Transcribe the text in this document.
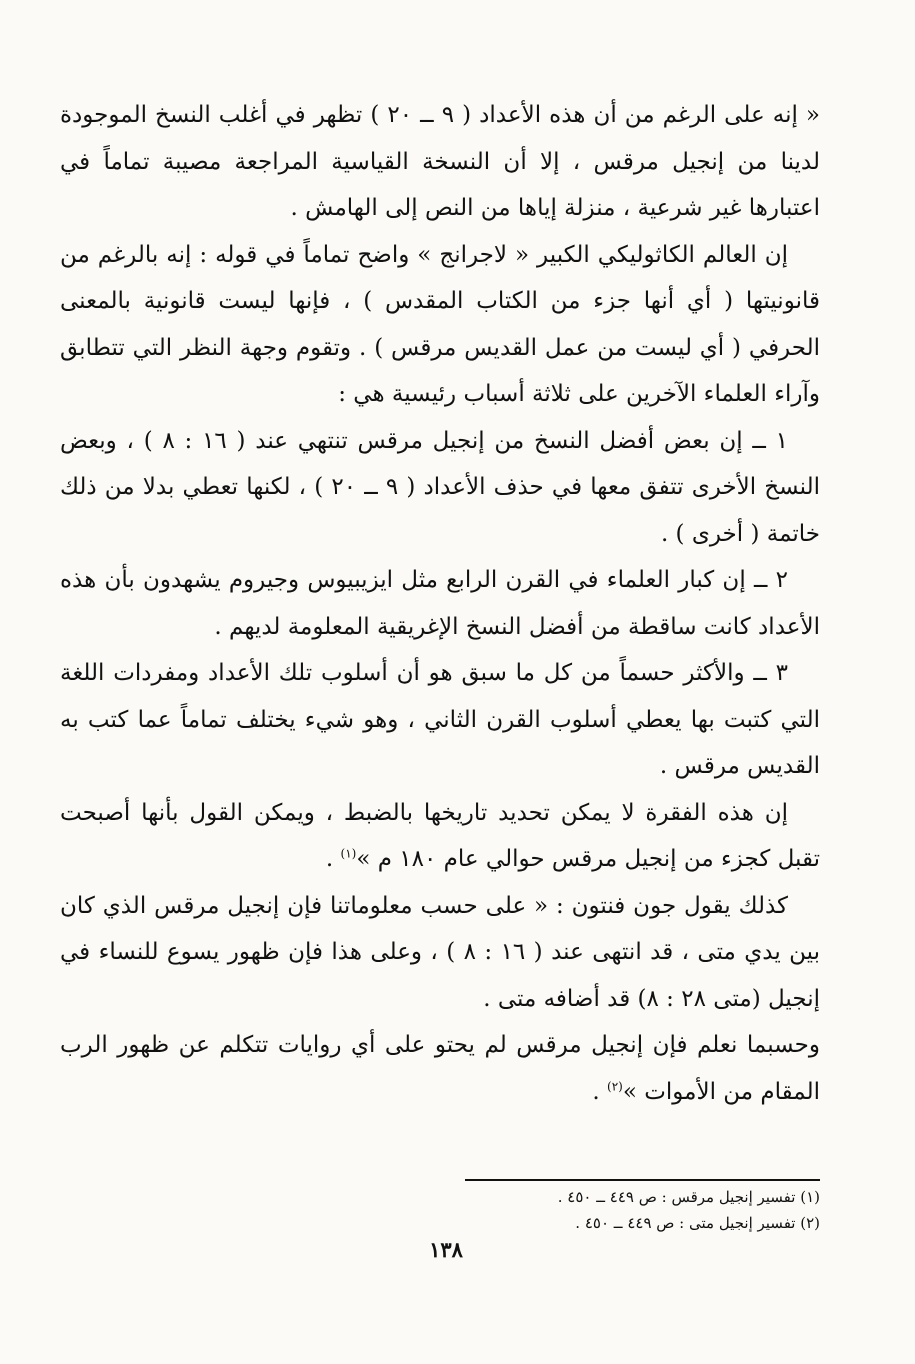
« إنه على الرغم من أن هذه الأعداد ( ٩ ــ ٢٠ ) تظهر في أغلب النسخ الموجودة لدينا من إنجيل مرقس ، إلا أن النسخة القياسية المراجعة مصيبة تماماً في اعتبارها غير شرعية ، منزلة إياها من النص إلى الهامش .

إن العالم الكاثوليكي الكبير « لاجرانج » واضح تماماً في قوله : إنه بالرغم من قانونيتها ( أي أنها جزء من الكتاب المقدس ) ، فإنها ليست قانونية بالمعنى الحرفي ( أي ليست من عمل القديس مرقس ) . وتقوم وجهة النظر التي تتطابق وآراء العلماء الآخرين على ثلاثة أسباب رئيسية هي :

١ ــ إن بعض أفضل النسخ من إنجيل مرقس تنتهي عند ( ١٦ : ٨ ) ، وبعض النسخ الأخرى تتفق معها في حذف الأعداد ( ٩ ــ ٢٠ ) ، لكنها تعطي بدلا من ذلك خاتمة ( أخرى ) .

٢ ــ إن كبار العلماء في القرن الرابع مثل ايزيبيوس وجيروم يشهدون بأن هذه الأعداد كانت ساقطة من أفضل النسخ الإغريقية المعلومة لديهم .

٣ ــ والأكثر حسماً من كل ما سبق هو أن أسلوب تلك الأعداد ومفردات اللغة التي كتبت بها يعطي أسلوب القرن الثاني ، وهو شيء يختلف تماماً عما كتب به القديس مرقس .

إن هذه الفقرة لا يمكن تحديد تاريخها بالضبط ، ويمكن القول بأنها أصبحت تقبل كجزء من إنجيل مرقس حوالي عام ١٨٠ م »$^{(١)}$ .

كذلك يقول جون فنتون : « على حسب معلوماتنا فإن إنجيل مرقس الذي كان بين يدي متى ، قد انتهى عند ( ١٦ : ٨ ) ، وعلى هذا فإن ظهور يسوع للنساء في إنجيل (متى ٢٨ : ٨) قد أضافه متى .

وحسبما نعلم فإن إنجيل مرقس لم يحتو على أي روايات تتكلم عن ظهور الرب المقام من الأموات »$^{(٢)}$ .

(١) تفسير إنجيل مرقس : ص ٤٤٩ ــ ٤٥٠ .

(٢) تفسير إنجيل متى : ص ٤٤٩ ــ ٤٥٠ .

١٣٨
